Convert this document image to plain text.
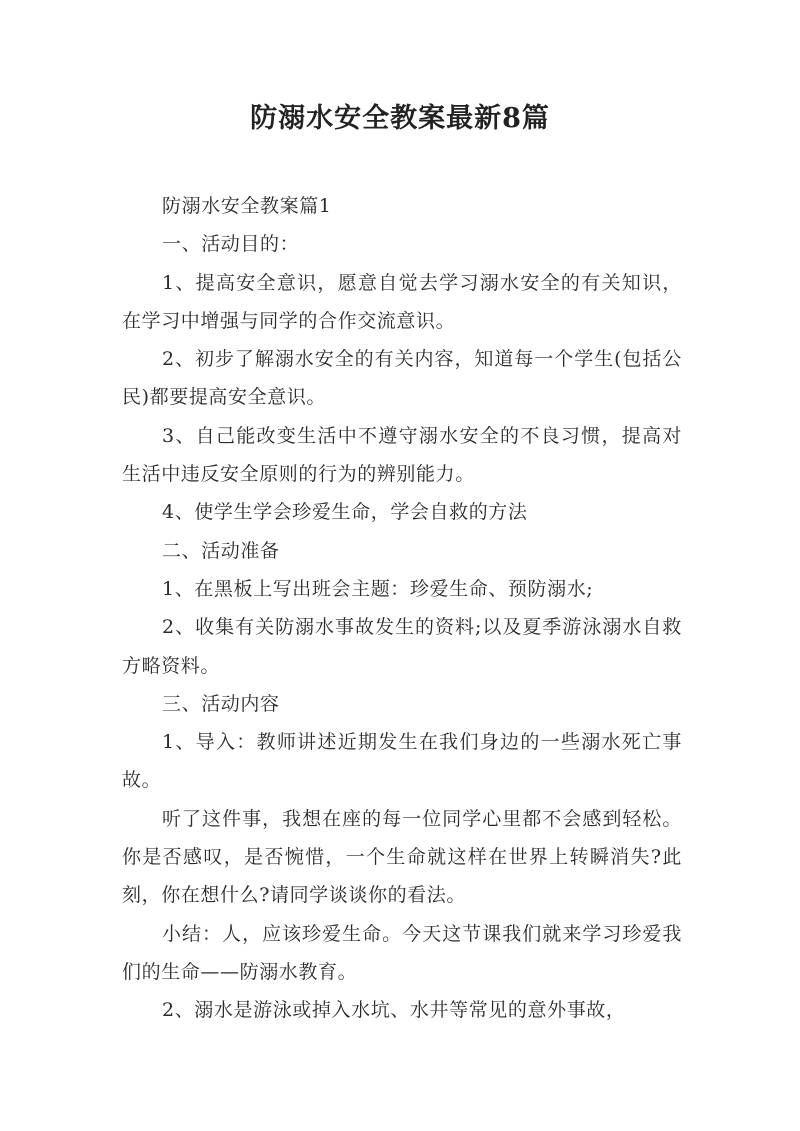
防溺水安全教案最新8篇

防溺水安全教案篇1

一、活动目的：

1、提高安全意识，愿意自觉去学习溺水安全的有关知识，在学习中增强与同学的合作交流意识。

2、初步了解溺水安全的有关内容，知道每一个学生(包括公民)都要提高安全意识。

3、自己能改变生活中不遵守溺水安全的不良习惯，提高对生活中违反安全原则的行为的辨别能力。

4、使学生学会珍爱生命，学会自救的方法

二、活动准备

1、在黑板上写出班会主题：珍爱生命、预防溺水;

2、收集有关防溺水事故发生的资料;以及夏季游泳溺水自救方略资料。

三、活动内容

1、导入：教师讲述近期发生在我们身边的一些溺水死亡事故。

听了这件事，我想在座的每一位同学心里都不会感到轻松。你是否感叹，是否惋惜，一个生命就这样在世界上转瞬消失?此刻，你在想什么?请同学谈谈你的看法。

小结：人，应该珍爱生命。今天这节课我们就来学习珍爱我们的生命——防溺水教育。

2、溺水是游泳或掉入水坑、水井等常见的意外事故，
